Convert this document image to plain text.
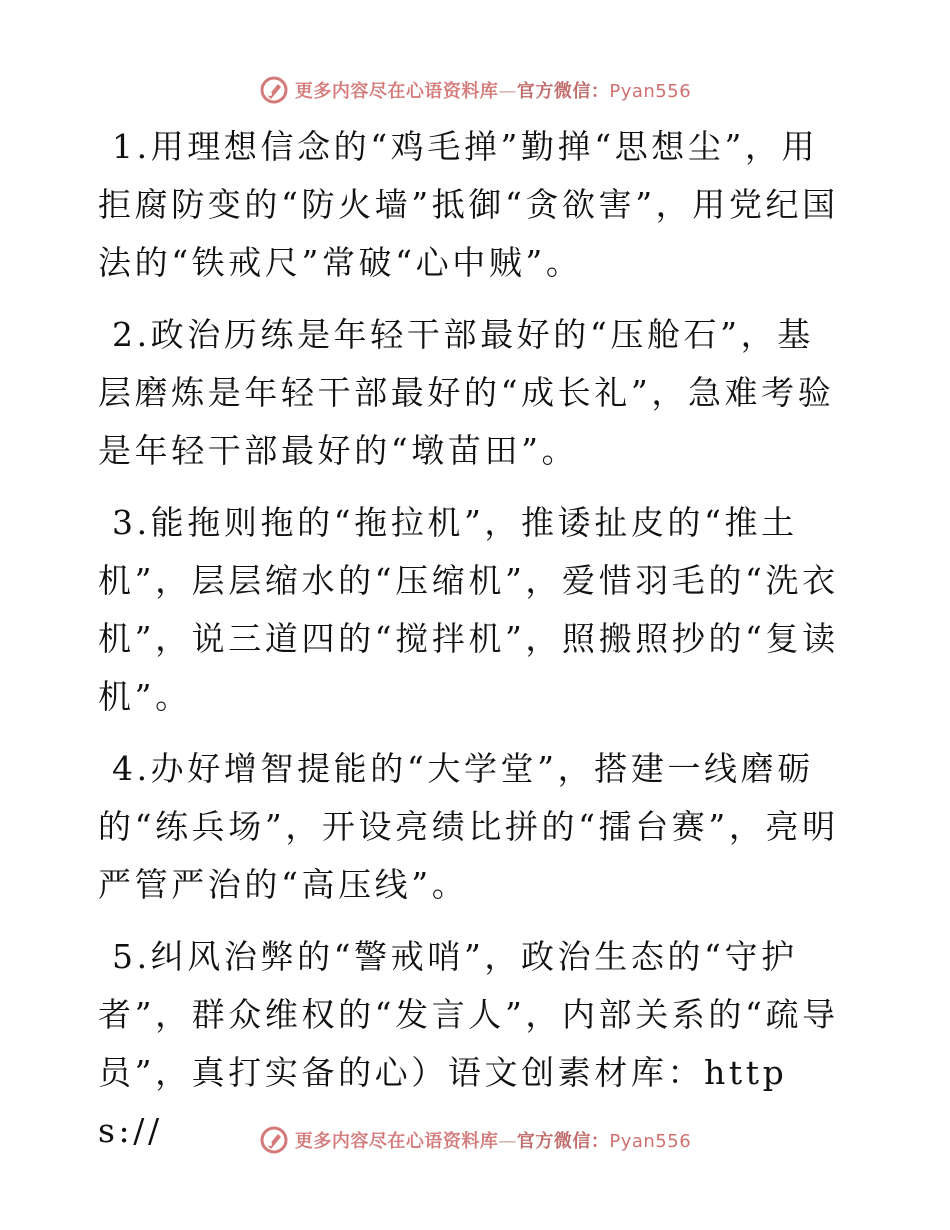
更多内容尽在心语资料库—官方微信：Pyan556

1.用理想信念的“鸡毛掸”勤掸“思想尘”，用拒腐防变的“防火墙”抵御“贪欲害”，用党纪国法的“铁戒尺”常破“心中贼”。

2.政治历练是年轻干部最好的“压舱石”，基层磨炼是年轻干部最好的“成长礼”，急难考验是年轻干部最好的“墩苗田”。

3.能拖则拖的“拖拉机”，推诿扯皮的“推土机”，层层缩水的“压缩机”，爱惜羽毛的“洗衣机”，说三道四的“搅拌机”，照搬照抄的“复读机”。

4.办好增智提能的“大学堂”，搭建一线磨砺的“练兵场”，开设亮绩比拼的“擂台赛”，亮明严管严治的“高压线”。

5.纠风治弊的“警戒哨”，政治生态的“守护者”，群众维权的“发言人”，内部关系的“疏导员”，真打实备的心）语文创素材库：https://	更多内容尽在心语资料库—官方微信：Pyan556
